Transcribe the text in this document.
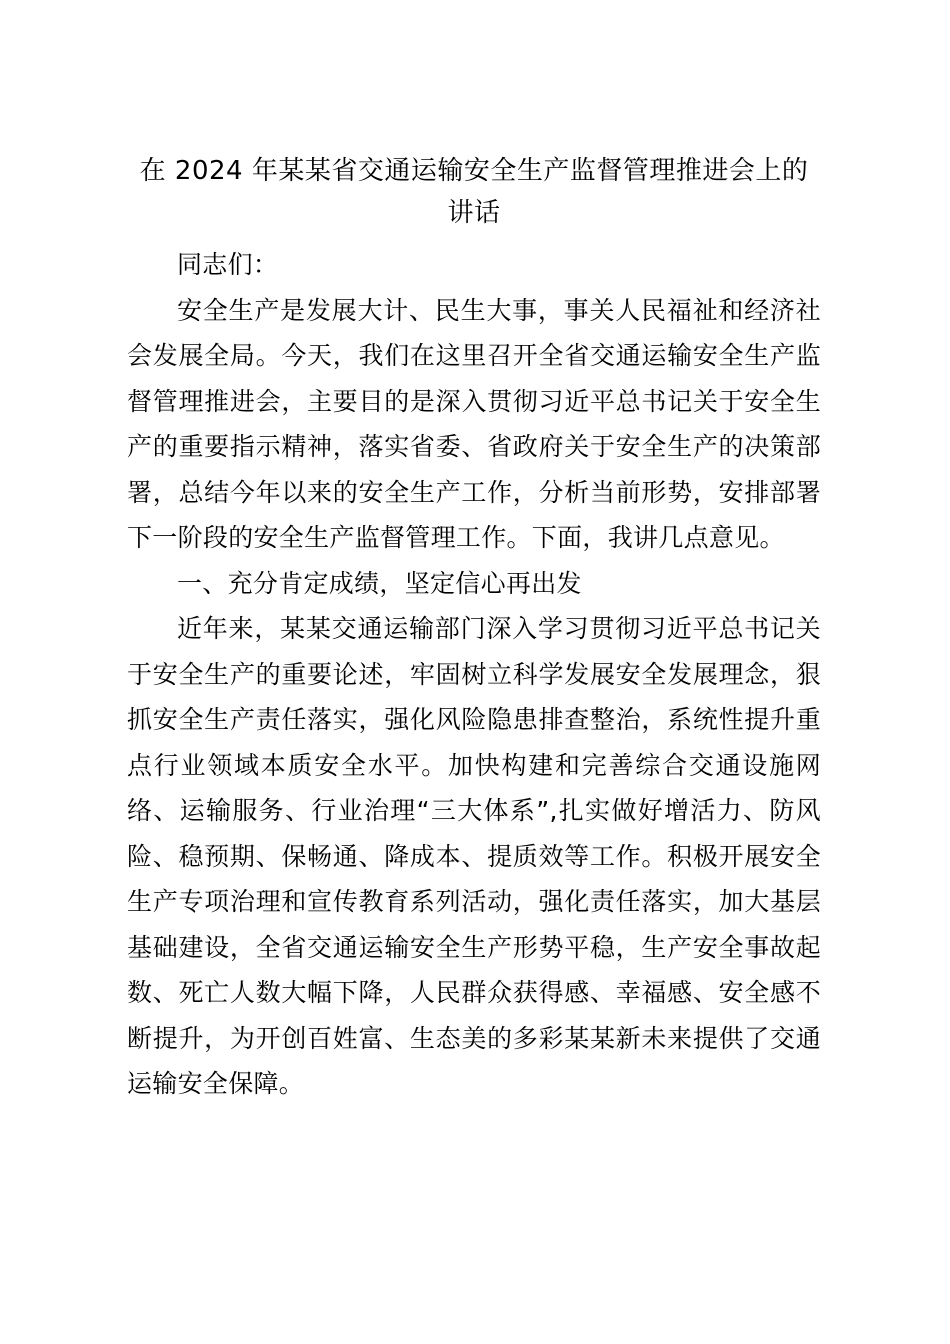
在 2024 年某某省交通运输安全生产监督管理推进会上的讲话

同志们：

安全生产是发展大计、民生大事，事关人民福祉和经济社会发展全局。今天，我们在这里召开全省交通运输安全生产监督管理推进会，主要目的是深入贯彻习近平总书记关于安全生产的重要指示精神，落实省委、省政府关于安全生产的决策部署，总结今年以来的安全生产工作，分析当前形势，安排部署下一阶段的安全生产监督管理工作。下面，我讲几点意见。

一、充分肯定成绩，坚定信心再出发

近年来，某某交通运输部门深入学习贯彻习近平总书记关于安全生产的重要论述，牢固树立科学发展安全发展理念，狠抓安全生产责任落实，强化风险隐患排查整治，系统性提升重点行业领域本质安全水平。加快构建和完善综合交通设施网络、运输服务、行业治理“三大体系”,扎实做好增活力、防风险、稳预期、保畅通、降成本、提质效等工作。积极开展安全生产专项治理和宣传教育系列活动，强化责任落实，加大基层基础建设，全省交通运输安全生产形势平稳，生产安全事故起数、死亡人数大幅下降，人民群众获得感、幸福感、安全感不断提升，为开创百姓富、生态美的多彩某某新未来提供了交通运输安全保障。
